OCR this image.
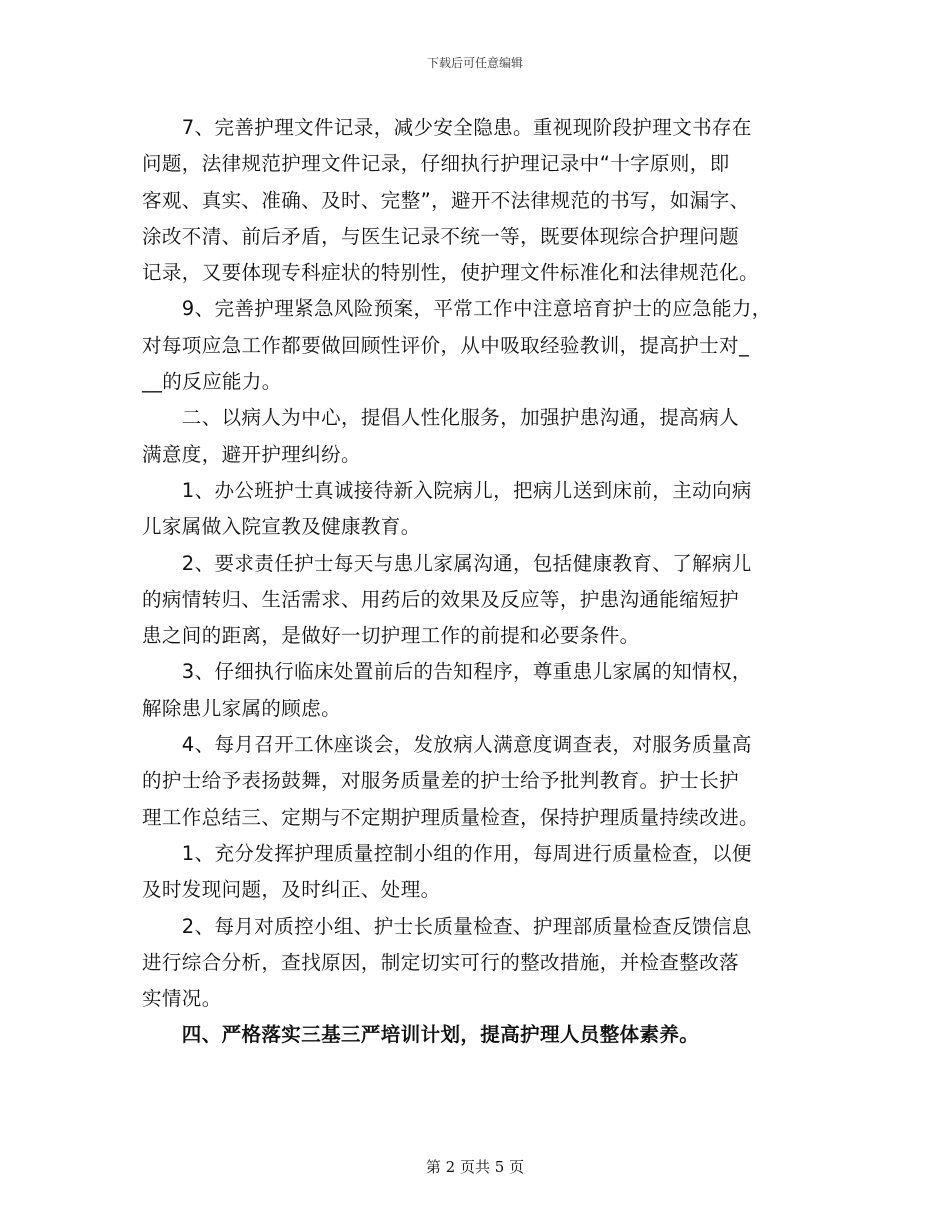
下载后可任意编辑
　　7、完善护理文件记录，减少安全隐患。重视现阶段护理文书存在
问题，法律规范护理文件记录，仔细执行护理记录中“十字原则，即
客观、真实、准确、及时、完整”，避开不法律规范的书写，如漏字、
涂改不清、前后矛盾，与医生记录不统一等，既要体现综合护理问题
记录，又要体现专科症状的特别性，使护理文件标准化和法律规范化。
　　9、完善护理紧急风险预案，平常工作中注意培育护士的应急能力，
对每项应急工作都要做回顾性评价，从中吸取经验教训，提高护士对_
__的反应能力。
　　二、以病人为中心，提倡人性化服务，加强护患沟通，提高病人
满意度，避开护理纠纷。
　　1、办公班护士真诚接待新入院病儿，把病儿送到床前，主动向病
儿家属做入院宣教及健康教育。
　　2、要求责任护士每天与患儿家属沟通，包括健康教育、了解病儿
的病情转归、生活需求、用药后的效果及反应等，护患沟通能缩短护
患之间的距离，是做好一切护理工作的前提和必要条件。
　　3、仔细执行临床处置前后的告知程序，尊重患儿家属的知情权，
解除患儿家属的顾虑。
　　4、每月召开工休座谈会，发放病人满意度调查表，对服务质量高
的护士给予表扬鼓舞，对服务质量差的护士给予批判教育。护士长护
理工作总结三、定期与不定期护理质量检查，保持护理质量持续改进。
　　1、充分发挥护理质量控制小组的作用，每周进行质量检查，以便
及时发现问题，及时纠正、处理。
　　2、每月对质控小组、护士长质量检查、护理部质量检查反馈信息
进行综合分析，查找原因，制定切实可行的整改措施，并检查整改落
实情况。
　　四、严格落实三基三严培训计划，提高护理人员整体素养。
第 2 页共 5 页
